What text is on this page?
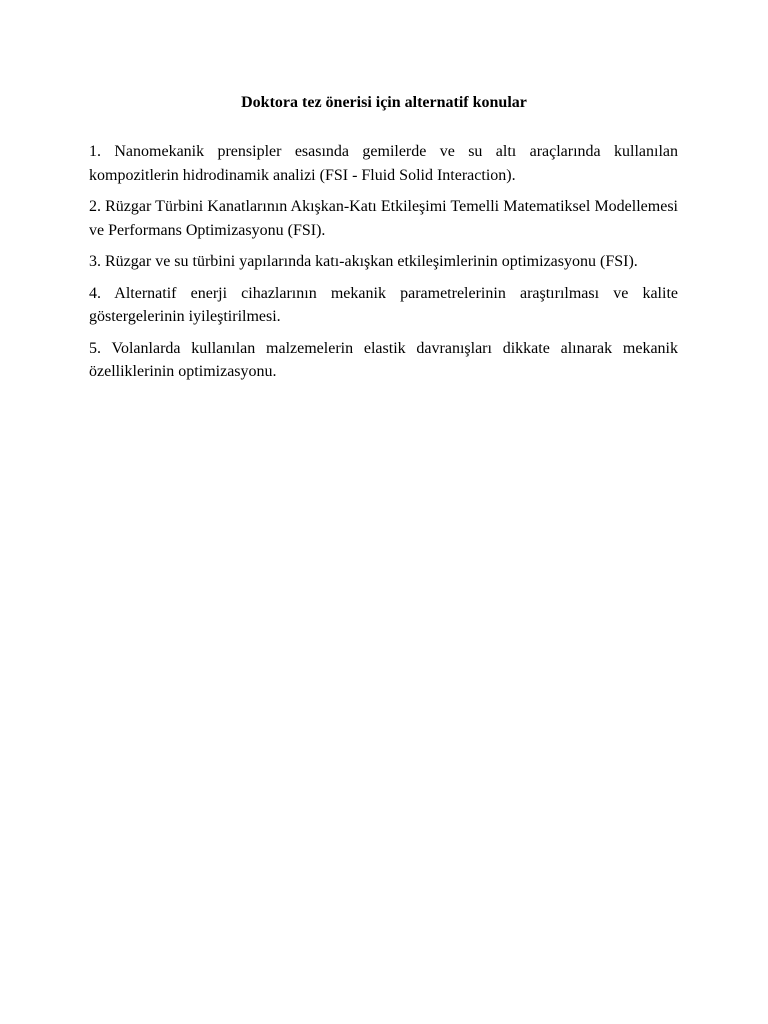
Doktora tez önerisi için alternatif konular

1. Nanomekanik prensipler esasında gemilerde ve su altı araçlarında kullanılan kompozitlerin hidrodinamik analizi (FSI - Fluid Solid Interaction).

2. Rüzgar Türbini Kanatlarının Akışkan-Katı Etkileşimi Temelli Matematiksel Modellemesi ve Performans Optimizasyonu (FSI).

3. Rüzgar ve su türbini yapılarında katı-akışkan etkileşimlerinin optimizasyonu (FSI).

4. Alternatif enerji cihazlarının mekanik parametrelerinin araştırılması ve kalite göstergelerinin iyileştirilmesi.

5. Volanlarda kullanılan malzemelerin elastik davranışları dikkate alınarak mekanik özelliklerinin optimizasyonu.
